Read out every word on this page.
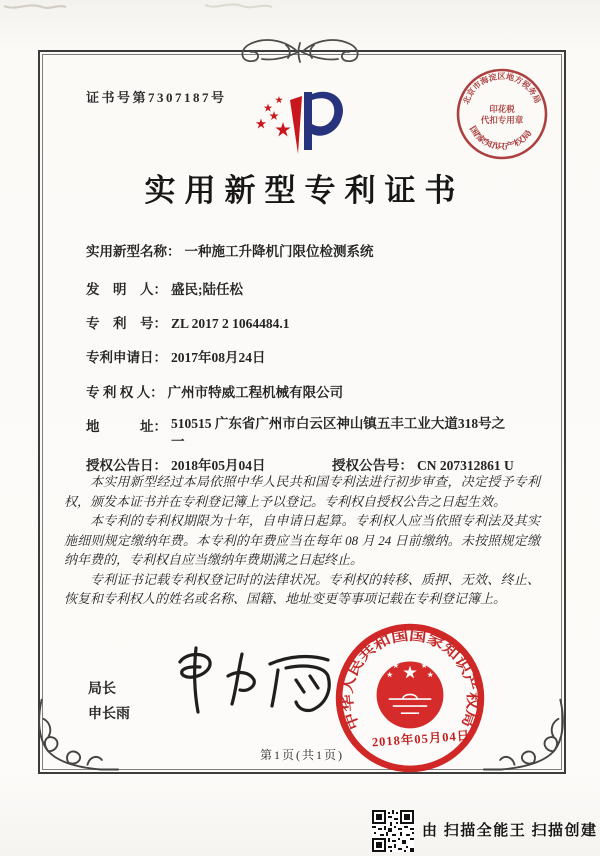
证书号第7307187号	北京市海淀区地方税务局
国家知识产权局
印花税
代扣专用章
实用新型专利证书
实用新型名称： 一种施工升降机门限位检测系统
发　明　人： 盛民;陆任松
专　利　号： ZL 2017 2 1064484.1
专利申请日： 2017年08月24日
专 利 权 人： 广州市特威工程机械有限公司
地　　　址： 510515 广东省广州市白云区神山镇五丰工业大道318号之
一
授权公告日： 2018年05月04日	授权公告号： CN 207312861 U

本实用新型经过本局依照中华人民共和国专利法进行初步审查，决定授予专利权，颁发本证书并在专利登记簿上予以登记。专利权自授权公告之日起生效。

本专利的专利权期限为十年，自申请日起算。专利权人应当依照专利法及其实施细则规定缴纳年费。本专利的年费应当在每年 08 月 24 日前缴纳。未按照规定缴纳年费的，专利权自应当缴纳年费期满之日起终止。

专利证书记载专利权登记时的法律状况。专利权的转移、质押、无效、终止、恢复和专利权人的姓名或名称、国籍、地址变更等事项记载在专利登记簿上。

局长
申长雨	中华人民共和国国家知识产权局
2018年05月04日
第1页(共1页)
由 扫描全能王 扫描创建
